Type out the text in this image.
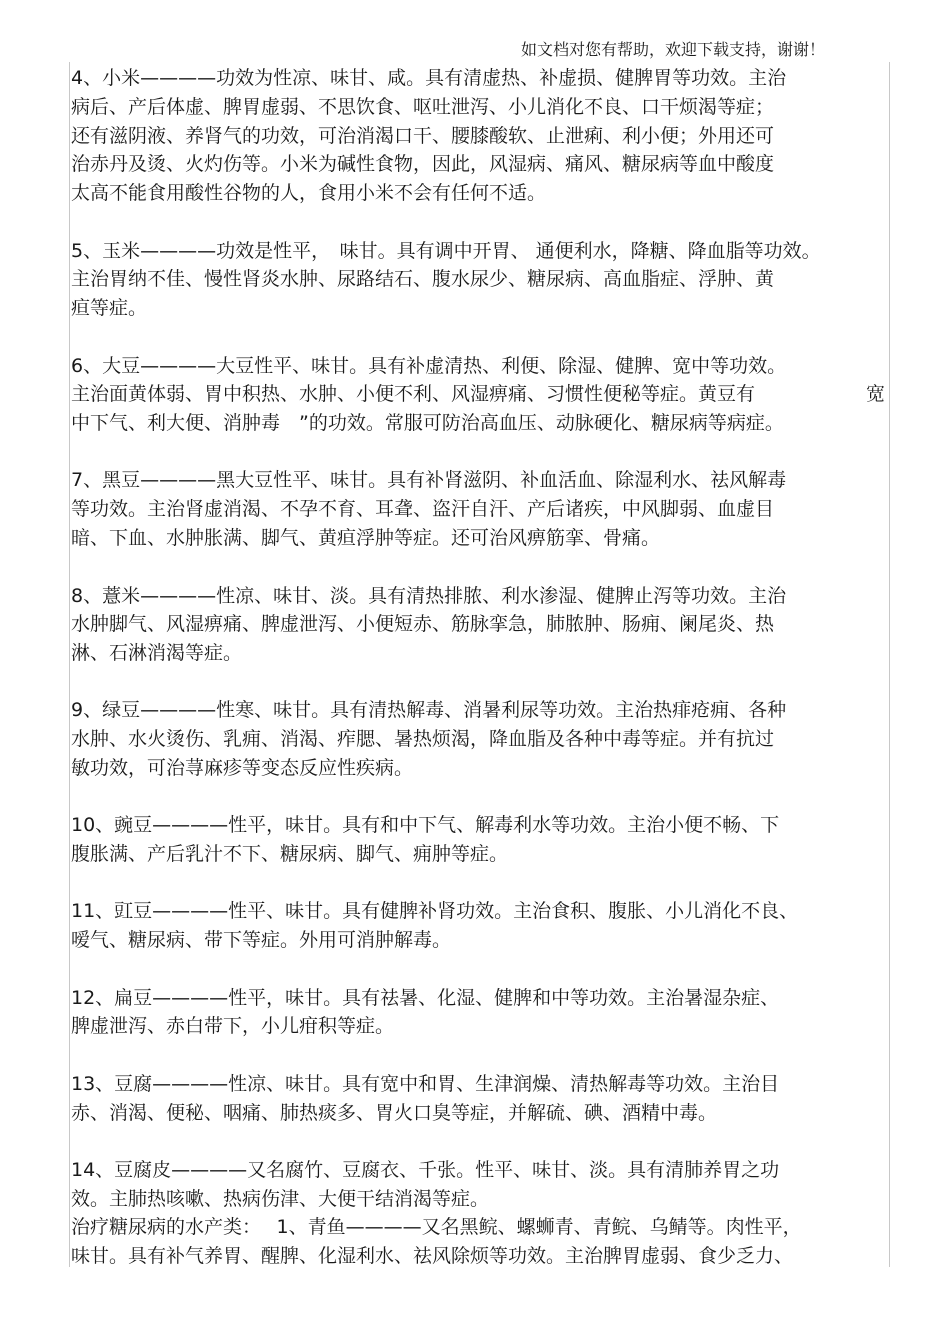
如文档对您有帮助，欢迎下载支持，谢谢！
4、小米————功效为性凉、味甘、咸。具有清虚热、补虚损、健脾胃等功效。主治
病后、产后体虚、脾胃虚弱、不思饮食、呕吐泄泻、小儿消化不良、口干烦渴等症；
还有滋阴液、养肾气的功效，可治消渴口干、腰膝酸软、止泄痢、利小便；外用还可
治赤丹及烫、火灼伤等。小米为碱性食物，因此，风湿病、痛风、糖尿病等血中酸度
太高不能食用酸性谷物的人，食用小米不会有任何不适。
5、玉米————功效是性平，　味甘。具有调中开胃、 通便利水，降糖、降血脂等功效。
主治胃纳不佳、慢性肾炎水肿、尿路结石、腹水尿少、糖尿病、高血脂症、浮肿、黄
疸等症。
6、大豆————大豆性平、味甘。具有补虚清热、利便、除湿、健脾、宽中等功效。
主治面黄体弱、胃中积热、水肿、小便不利、风湿痹痛、习惯性便秘等症。黄豆有	宽
中下气、利大便、消肿毒　”的功效。常服可防治高血压、动脉硬化、糖尿病等病症。
7、黑豆————黑大豆性平、味甘。具有补肾滋阴、补血活血、除湿利水、祛风解毒
等功效。主治肾虚消渴、不孕不育、耳聋、盗汗自汗、产后诸疾，中风脚弱、血虚目
暗、下血、水肿胀满、脚气、黄疸浮肿等症。还可治风痹筋挛、骨痛。
8、薏米————性凉、味甘、淡。具有清热排脓、利水渗湿、健脾止泻等功效。主治
水肿脚气、风湿痹痛、脾虚泄泻、小便短赤、筋脉挛急，肺脓肿、肠痈、阑尾炎、热
淋、石淋消渴等症。
9、绿豆————性寒、味甘。具有清热解毒、消暑利尿等功效。主治热痱疮痈、各种
水肿、水火烫伤、乳痈、消渴、痄腮、暑热烦渴，降血脂及各种中毒等症。并有抗过
敏功效，可治荨麻疹等变态反应性疾病。
10、豌豆————性平，味甘。具有和中下气、解毒利水等功效。主治小便不畅、下
腹胀满、产后乳汁不下、糖尿病、脚气、痈肿等症。
11、豇豆————性平、味甘。具有健脾补肾功效。主治食积、腹胀、小儿消化不良、
嗳气、糖尿病、带下等症。外用可消肿解毒。
12、扁豆————性平，味甘。具有祛暑、化湿、健脾和中等功效。主治暑湿杂症、
脾虚泄泻、赤白带下，小儿疳积等症。
13、豆腐————性凉、味甘。具有宽中和胃、生津润燥、清热解毒等功效。主治目
赤、消渴、便秘、咽痛、肺热痰多、胃火口臭等症，并解硫、碘、酒精中毒。
14、豆腐皮————又名腐竹、豆腐衣、千张。性平、味甘、淡。具有清肺养胃之功
效。主肺热咳嗽、热病伤津、大便干结消渴等症。
治疗糖尿病的水产类：　 1、青鱼————又名黑鲩、螺蛳青、青鲩、乌鲭等。肉性平，
味甘。具有补气养胃、醒脾、化湿利水、祛风除烦等功效。主治脾胃虚弱、食少乏力、
